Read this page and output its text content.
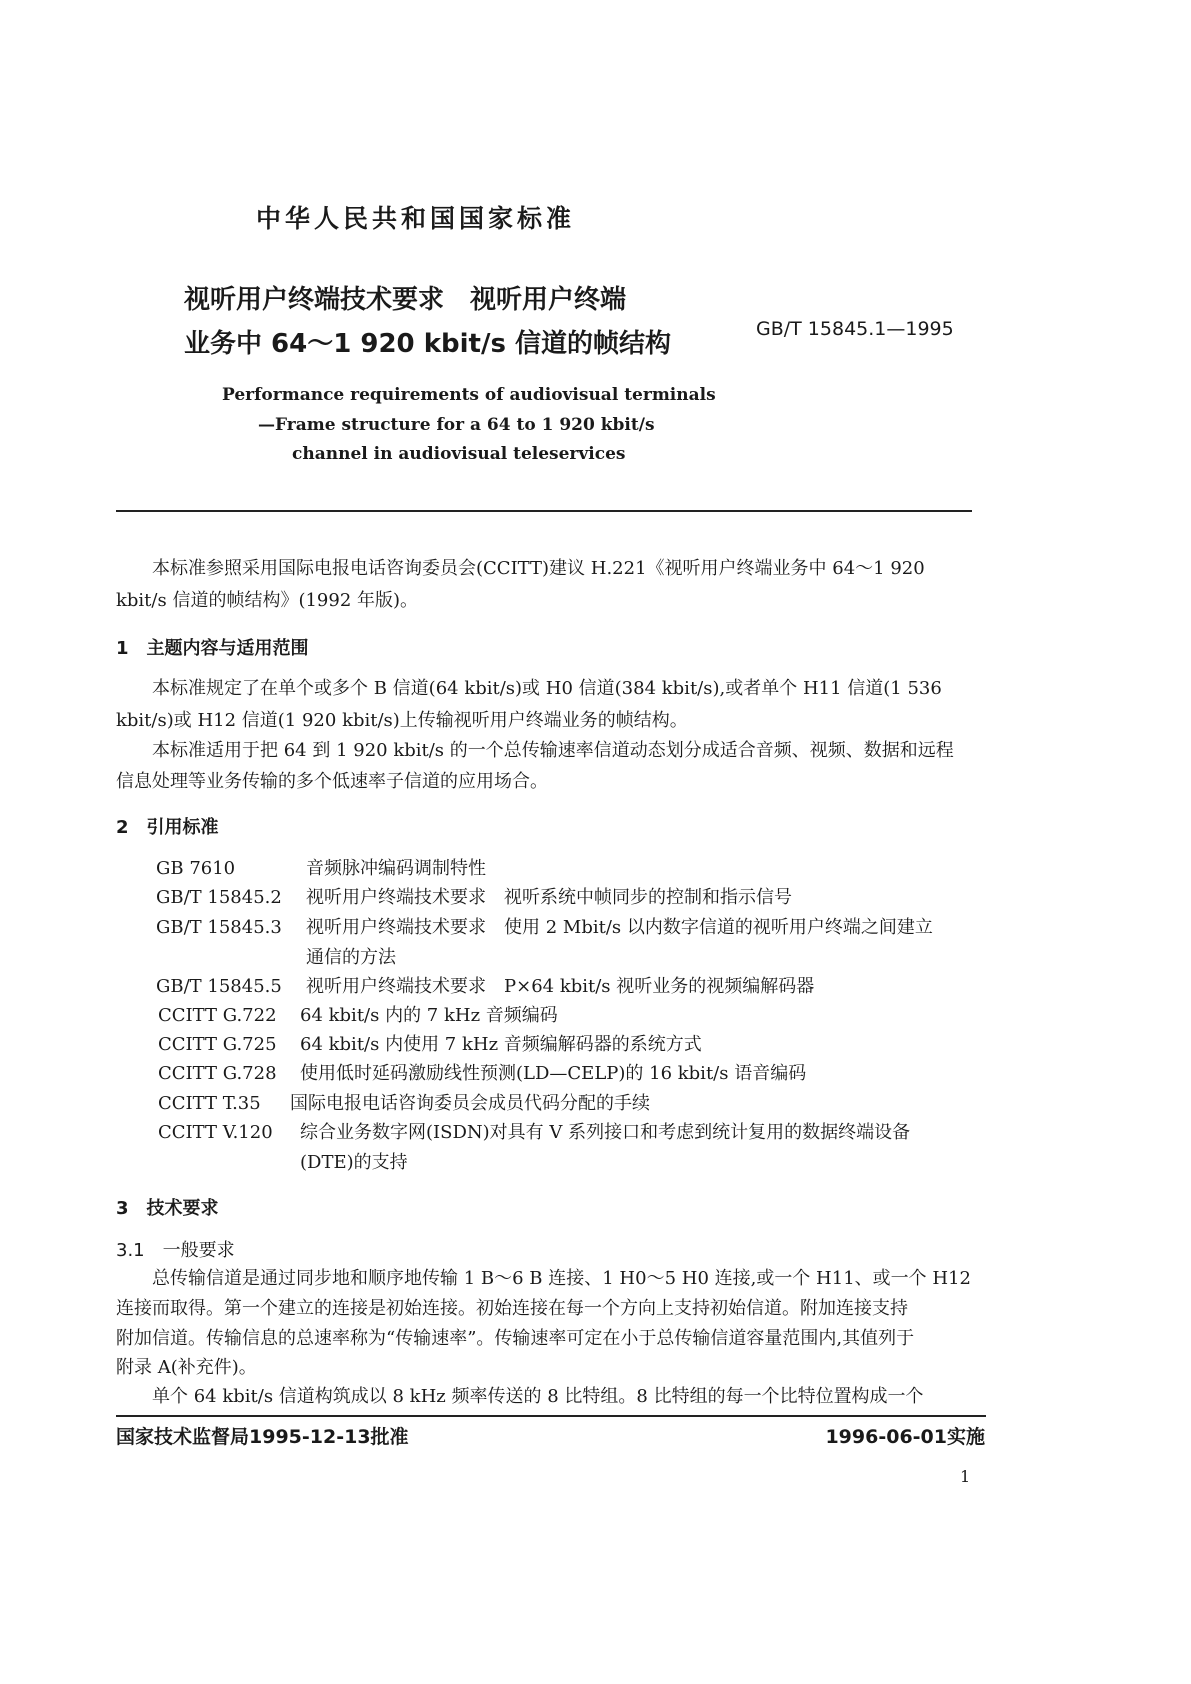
中华人民共和国国家标准
视听用户终端技术要求　视听用户终端
业务中 64～1 920 kbit/s 信道的帧结构	GB/T 15845.1—1995
Performance requirements of audiovisual terminals
—Frame structure for a 64 to 1 920 kbit/s
channel in audiovisual teleservices
本标准参照采用国际电报电话咨询委员会(CCITT)建议 H.221《视听用户终端业务中 64～1 920
kbit/s 信道的帧结构》(1992 年版)。
1　主题内容与适用范围
本标准规定了在单个或多个 B 信道(64 kbit/s)或 H0 信道(384 kbit/s),或者单个 H11 信道(1 536
kbit/s)或 H12 信道(1 920 kbit/s)上传输视听用户终端业务的帧结构。
本标准适用于把 64 到 1 920 kbit/s 的一个总传输速率信道动态划分成适合音频、视频、数据和远程
信息处理等业务传输的多个低速率子信道的应用场合。
2　引用标准
GB 7610	音频脉冲编码调制特性
GB/T 15845.2 视听用户终端技术要求　视听系统中帧同步的控制和指示信号
GB/T 15845.3 视听用户终端技术要求　使用 2 Mbit/s 以内数字信道的视听用户终端之间建立
通信的方法
GB/T 15845.5 视听用户终端技术要求　P×64 kbit/s 视听业务的视频编解码器
CCITT G.722 64 kbit/s 内的 7 kHz 音频编码
CCITT G.725 64 kbit/s 内使用 7 kHz 音频编解码器的系统方式
CCITT G.728 使用低时延码激励线性预测(LD—CELP)的 16 kbit/s 语音编码
CCITT T.35 国际电报电话咨询委员会成员代码分配的手续
CCITT V.120 综合业务数字网(ISDN)对具有 V 系列接口和考虑到统计复用的数据终端设备
(DTE)的支持
3　技术要求
3.1　一般要求
总传输信道是通过同步地和顺序地传输 1 B～6 B 连接、1 H0～5 H0 连接,或一个 H11、或一个 H12
连接而取得。第一个建立的连接是初始连接。初始连接在每一个方向上支持初始信道。附加连接支持
附加信道。传输信息的总速率称为“传输速率”。传输速率可定在小于总传输信道容量范围内,其值列于
附录 A(补充件)。
单个 64 kbit/s 信道构筑成以 8 kHz 频率传送的 8 比特组。8 比特组的每一个比特位置构成一个
国家技术监督局1995-12-13批准	1996-06-01实施
1
